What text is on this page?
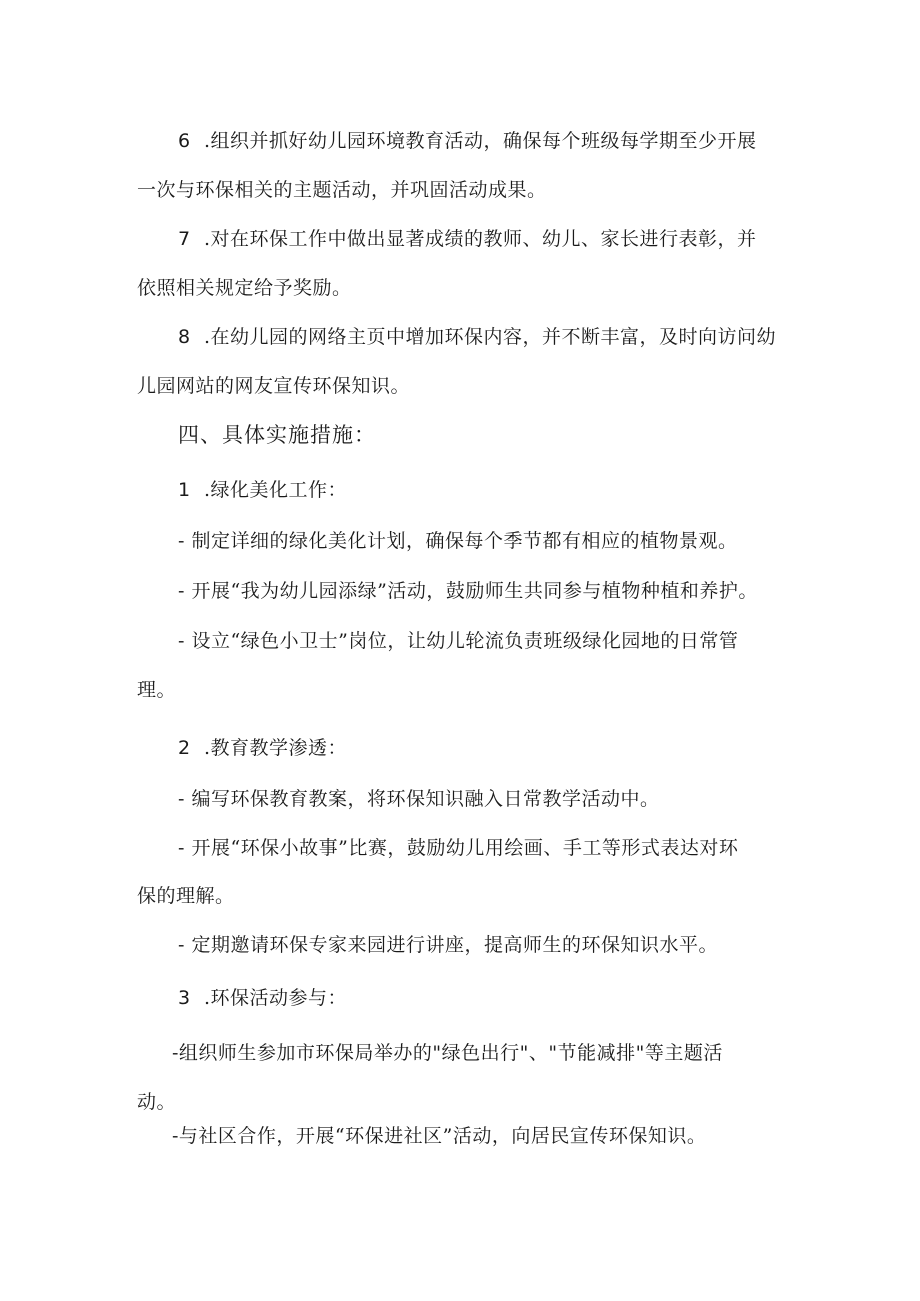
6 .组织并抓好幼儿园环境教育活动，确保每个班级每学期至少开展
一次与环保相关的主题活动，并巩固活动成果。
7 .对在环保工作中做出显著成绩的教师、幼儿、家长进行表彰，并
依照相关规定给予奖励。
8 .在幼儿园的网络主页中增加环保内容，并不断丰富，及时向访问幼
儿园网站的网友宣传环保知识。
四、具体实施措施：
1 .绿化美化工作：
- 制定详细的绿化美化计划，确保每个季节都有相应的植物景观。
- 开展“我为幼儿园添绿”活动，鼓励师生共同参与植物种植和养护。
- 设立“绿色小卫士”岗位，让幼儿轮流负责班级绿化园地的日常管
理。
2 .教育教学渗透：
- 编写环保教育教案，将环保知识融入日常教学活动中。
- 开展“环保小故事”比赛，鼓励幼儿用绘画、手工等形式表达对环
保的理解。
- 定期邀请环保专家来园进行讲座，提高师生的环保知识水平。
3 .环保活动参与：
-组织师生参加市环保局举办的"绿色出行"、"节能减排"等主题活
动。
-与社区合作，开展“环保进社区”活动，向居民宣传环保知识。
